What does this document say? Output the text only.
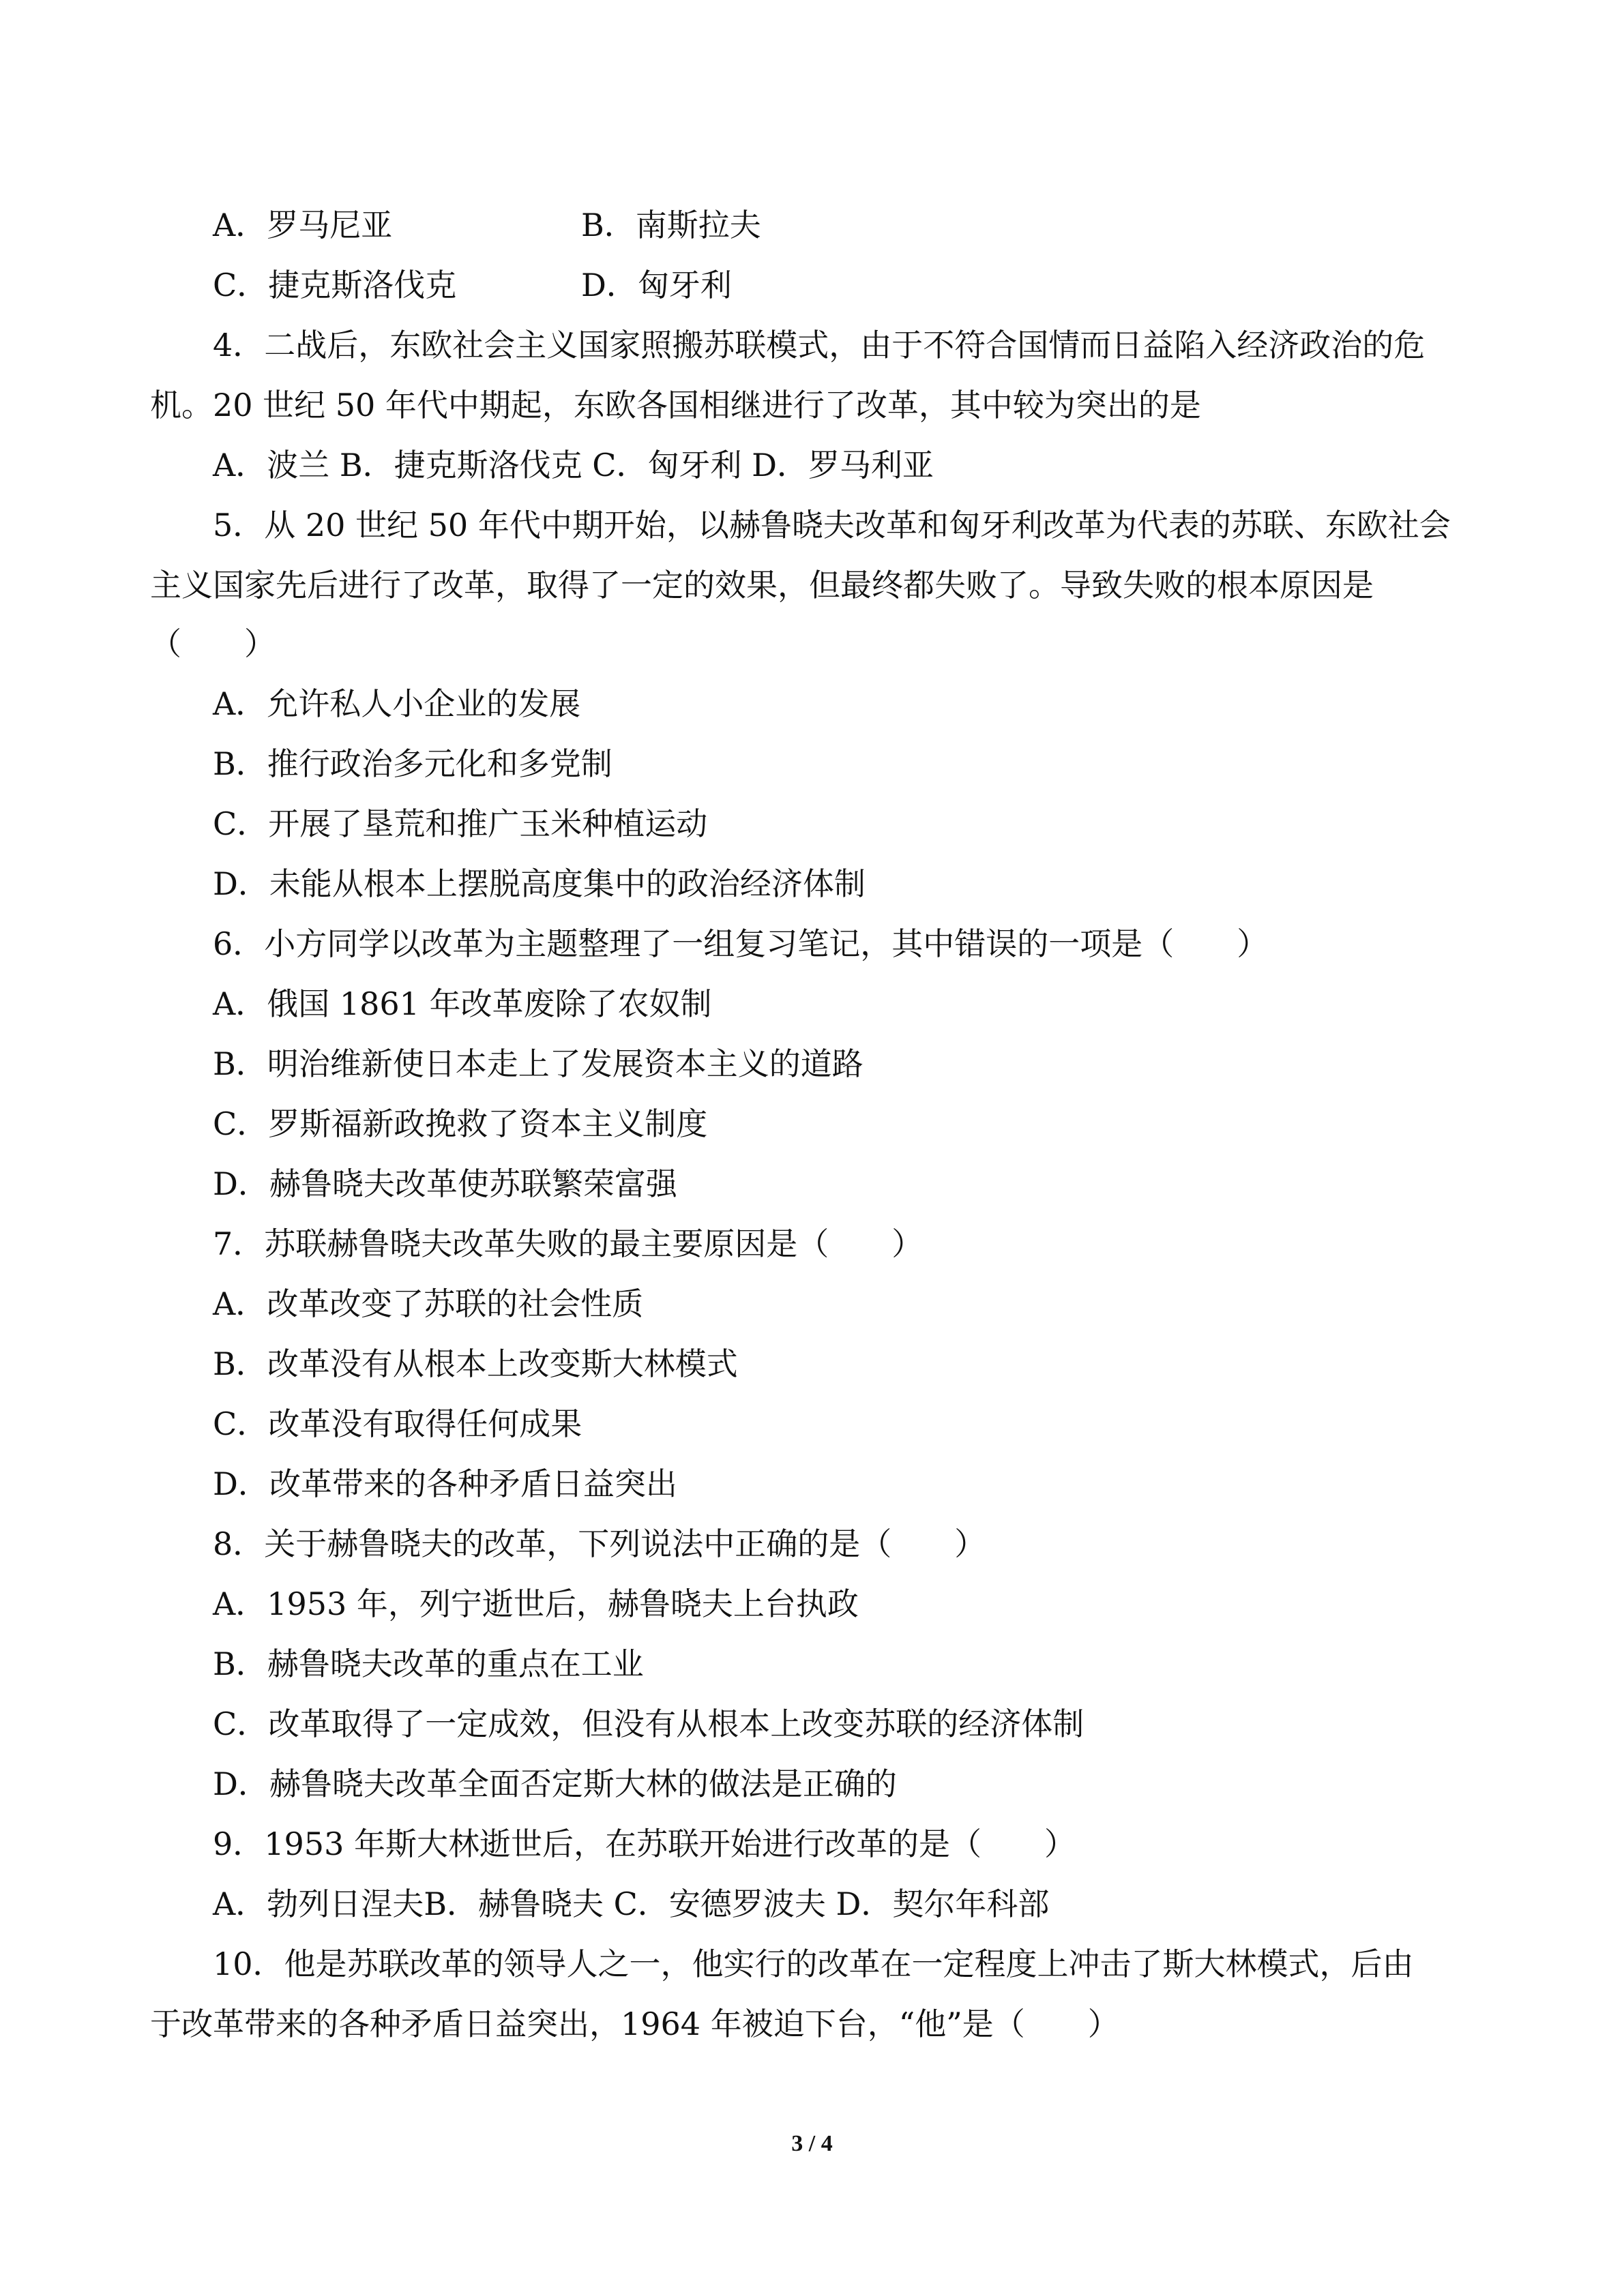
A．罗马尼亚	B．南斯拉夫
C．捷克斯洛伐克	D．匈牙利
4．二战后，东欧社会主义国家照搬苏联模式，由于不符合国情而日益陷入经济政治的危
机。20 世纪 50 年代中期起，东欧各国相继进行了改革，其中较为突出的是
A．波兰 B．捷克斯洛伐克 C．匈牙利 D．罗马利亚
5．从 20 世纪 50 年代中期开始，以赫鲁晓夫改革和匈牙利改革为代表的苏联、东欧社会
主义国家先后进行了改革，取得了一定的效果，但最终都失败了。导致失败的根本原因是
（　　）
A．允许私人小企业的发展
B．推行政治多元化和多党制
C．开展了垦荒和推广玉米种植运动
D．未能从根本上摆脱高度集中的政治经济体制
6．小方同学以改革为主题整理了一组复习笔记，其中错误的一项是（　　）
A．俄国 1861 年改革废除了农奴制
B．明治维新使日本走上了发展资本主义的道路
C．罗斯福新政挽救了资本主义制度
D．赫鲁晓夫改革使苏联繁荣富强
7．苏联赫鲁晓夫改革失败的最主要原因是（　　）
A．改革改变了苏联的社会性质
B．改革没有从根本上改变斯大林模式
C．改革没有取得任何成果
D．改革带来的各种矛盾日益突出
8．关于赫鲁晓夫的改革，下列说法中正确的是（　　）
A．1953 年，列宁逝世后，赫鲁晓夫上台执政
B．赫鲁晓夫改革的重点在工业
C．改革取得了一定成效，但没有从根本上改变苏联的经济体制
D．赫鲁晓夫改革全面否定斯大林的做法是正确的
9．1953 年斯大林逝世后，在苏联开始进行改革的是（　　）
A．勃列日涅夫B．赫鲁晓夫 C．安德罗波夫 D．契尔年科部
10．他是苏联改革的领导人之一，他实行的改革在一定程度上冲击了斯大林模式，后由
于改革带来的各种矛盾日益突出，1964 年被迫下台，“他”是（　　）
3 / 4
